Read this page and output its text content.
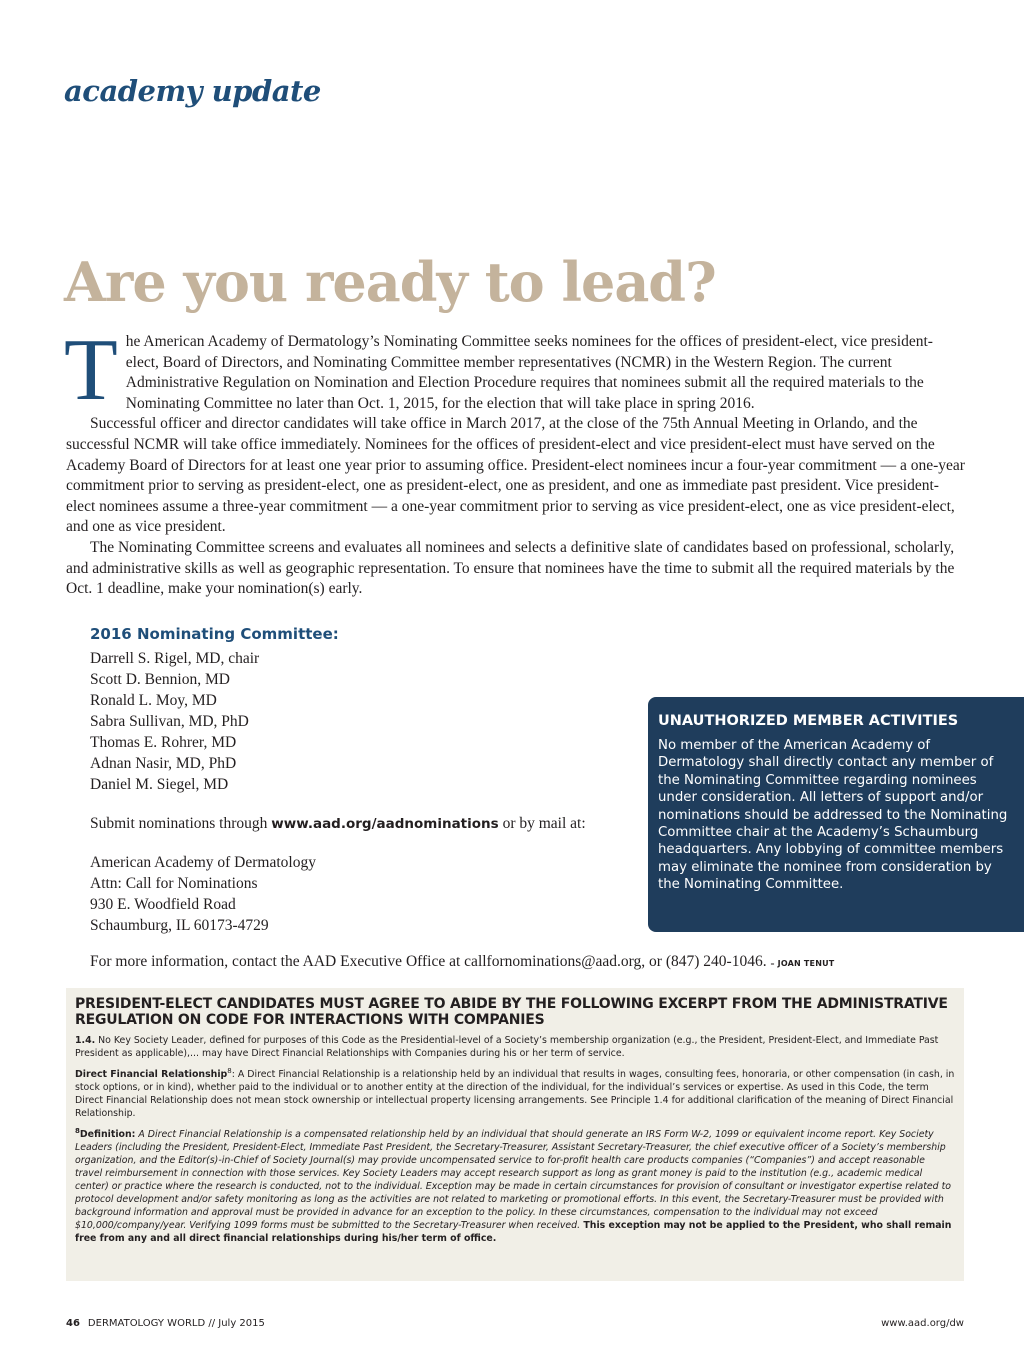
academy update
Are you ready to lead?

The American Academy of Dermatology’s Nominating Committee seeks nominees for the offices of president-elect, vice president-elect, Board of Directors, and Nominating Committee member representatives (NCMR) in the Western Region. The current Administrative Regulation on Nomination and Election Procedure requires that nominees submit all the required materials to the Nominating Committee no later than Oct. 1, 2015, for the election that will take place in spring 2016.

Successful officer and director candidates will take office in March 2017, at the close of the 75th Annual Meeting in Orlando, and the successful NCMR will take office immediately. Nominees for the offices of president-elect and vice president-elect must have served on the Academy Board of Directors for at least one year prior to assuming office. President-elect nominees incur a four-year commitment — a one-year commitment prior to serving as president-elect, one as president-elect, one as president, and one as immediate past president. Vice president-elect nominees assume a three-year commitment — a one-year commitment prior to serving as vice president-elect, one as vice president-elect, and one as vice president.

The Nominating Committee screens and evaluates all nominees and selects a definitive slate of candidates based on professional, scholarly, and administrative skills as well as geographic representation. To ensure that nominees have the time to submit all the required materials by the Oct. 1 deadline, make your nomination(s) early.

2016 Nominating Committee:
Darrell S. Rigel, MD, chair
Scott D. Bennion, MD
Ronald L. Moy, MD
Sabra Sullivan, MD, PhD
Thomas E. Rohrer, MD
Adnan Nasir, MD, PhD
Daniel M. Siegel, MD
Submit nominations through www.aad.org/aadnominations or by mail at:
American Academy of Dermatology
Attn: Call for Nominations
930 E. Woodfield Road
Schaumburg, IL 60173-4729
For more information, contact the AAD Executive Office at callfornominations@aad.org, or (847) 240-1046. – JOAN TENUT
UNAUTHORIZED MEMBER ACTIVITIES
No member of the American Academy of Dermatology shall directly contact any member of the Nominating Committee regarding nominees under consideration. All letters of support and/or nominations should be addressed to the Nominating Committee chair at the Academy’s Schaumburg headquarters. Any lobbying of committee members may eliminate the nominee from consideration by the Nominating Committee.
PRESIDENT-ELECT CANDIDATES MUST AGREE TO ABIDE BY THE FOLLOWING EXCERPT FROM THE ADMINISTRATIVE REGULATION ON CODE FOR INTERACTIONS WITH COMPANIES

1.4. No Key Society Leader, defined for purposes of this Code as the Presidential-level of a Society’s membership organization (e.g., the President, President-Elect, and Immediate Past President as applicable),... may have Direct Financial Relationships with Companies during his or her term of service.

Direct Financial Relationship$^8$: A Direct Financial Relationship is a relationship held by an individual that results in wages, consulting fees, honoraria, or other compensation (in cash, in stock options, or in kind), whether paid to the individual or to another entity at the direction of the individual, for the individual’s services or expertise. As used in this Code, the term Direct Financial Relationship does not mean stock ownership or intellectual property licensing arrangements. See Principle 1.4 for additional clarification of the meaning of Direct Financial Relationship.

$^8$Definition: A Direct Financial Relationship is a compensated relationship held by an individual that should generate an IRS Form W-2, 1099 or equivalent income report. Key Society Leaders (including the President, President-Elect, Immediate Past President, the Secretary-Treasurer, Assistant Secretary-Treasurer, the chief executive officer of a Society’s membership organization, and the Editor(s)-in-Chief of Society Journal(s) may provide uncompensated service to for-profit health care products companies (“Companies”) and accept reasonable travel reimbursement in connection with those services. Key Society Leaders may accept research support as long as grant money is paid to the institution (e.g., academic medical center) or practice where the research is conducted, not to the individual. Exception may be made in certain circumstances for provision of consultant or investigator expertise related to protocol development and/or safety monitoring as long as the activities are not related to marketing or promotional efforts. In this event, the Secretary-Treasurer must be provided with background information and approval must be provided in advance for an exception to the policy. In these circumstances, compensation to the individual may not exceed $10,000/company/year. Verifying 1099 forms must be submitted to the Secretary-Treasurer when received. This exception may not be applied to the President, who shall remain free from any and all direct financial relationships during his/her term of office.

46 DERMATOLOGY WORLD // July 2015	www.aad.org/dw
